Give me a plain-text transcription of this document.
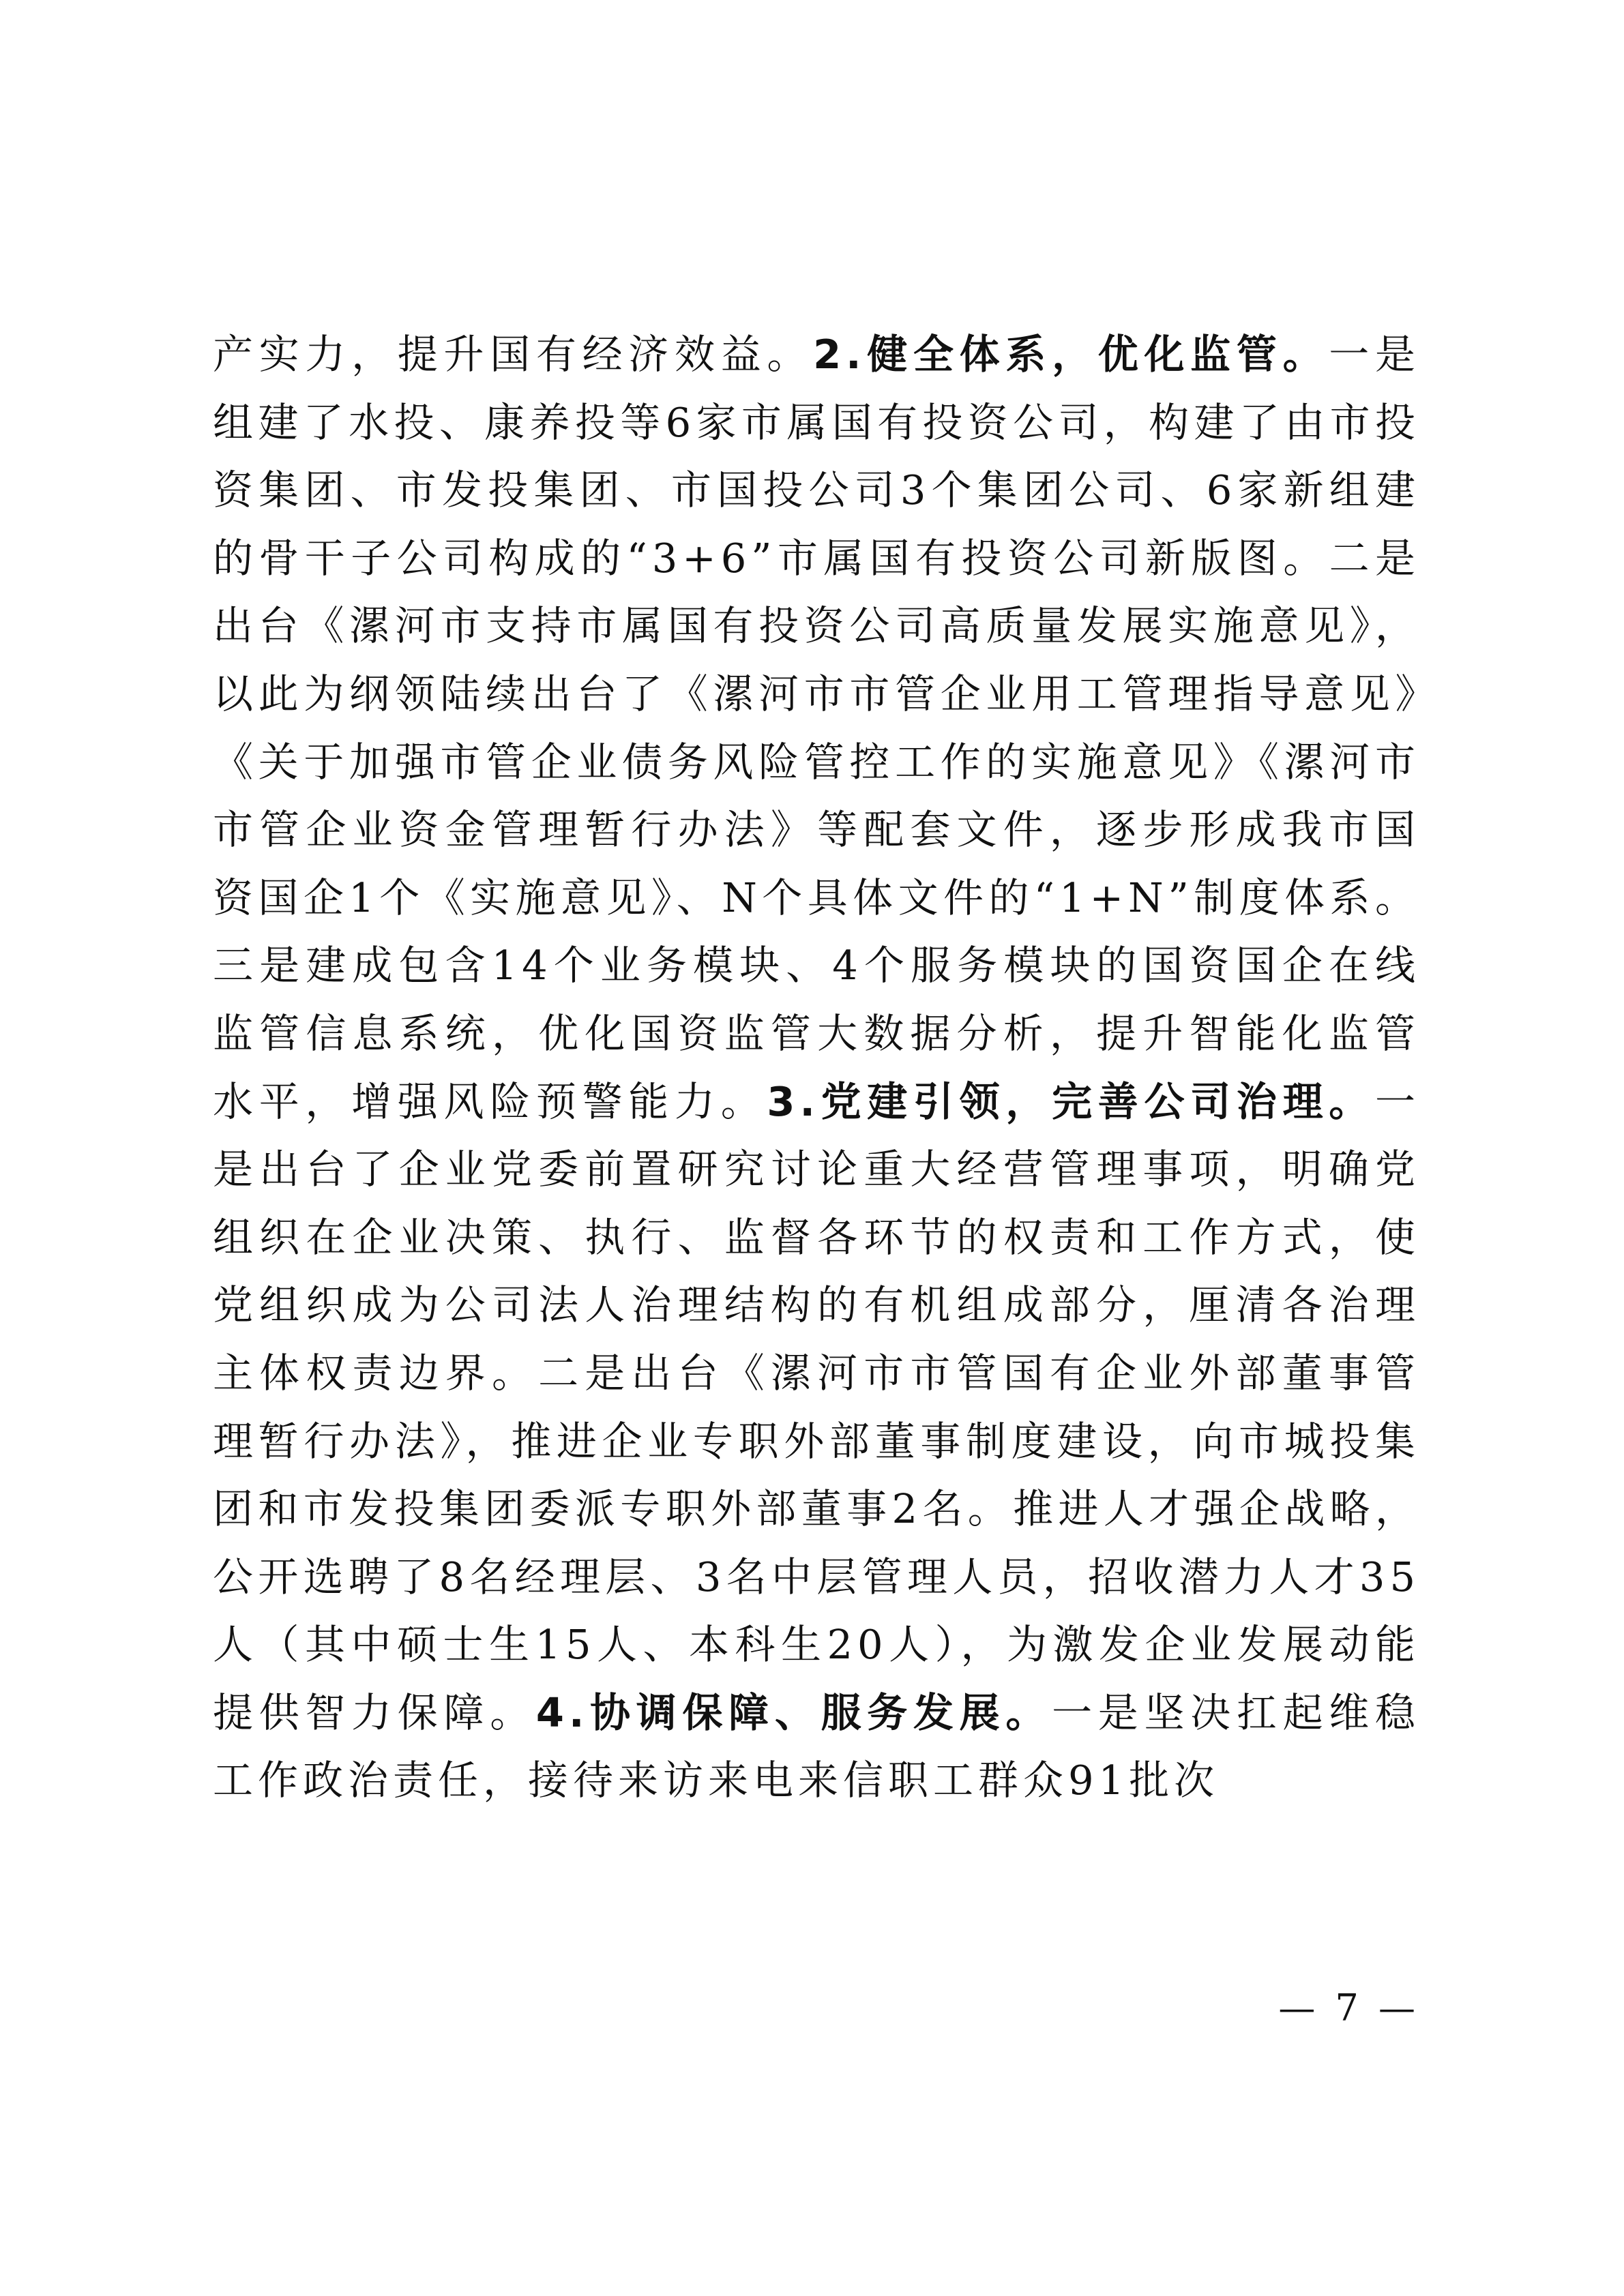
产实力，提升国有经济效益。2.健全体系，优化监管。一是组建了水投、康养投等6家市属国有投资公司，构建了由市投资集团、市发投集团、市国投公司3个集团公司、6家新组建的骨干子公司构成的“3+6”市属国有投资公司新版图。二是出台《漯河市支持市属国有投资公司高质量发展实施意见》，以此为纲领陆续出台了《漯河市市管企业用工管理指导意见》《关于加强市管企业债务风险管控工作的实施意见》《漯河市市管企业资金管理暂行办法》等配套文件，逐步形成我市国资国企1个《实施意见》、N个具体文件的“1+N”制度体系。三是建成包含14个业务模块、4个服务模块的国资国企在线监管信息系统，优化国资监管大数据分析，提升智能化监管水平，增强风险预警能力。3.党建引领，完善公司治理。一是出台了企业党委前置研究讨论重大经营管理事项，明确党组织在企业决策、执行、监督各环节的权责和工作方式，使党组织成为公司法人治理结构的有机组成部分，厘清各治理主体权责边界。二是出台《漯河市市管国有企业外部董事管理暂行办法》，推进企业专职外部董事制度建设，向市城投集团和市发投集团委派专职外部董事2名。推进人才强企战略，公开选聘了8名经理层、3名中层管理人员，招收潜力人才35人（其中硕士生15人、本科生20人），为激发企业发展动能提供智力保障。4.协调保障、服务发展。一是坚决扛起维稳工作政治责任，接待来访来电来信职工群众91批次

— 7 —
